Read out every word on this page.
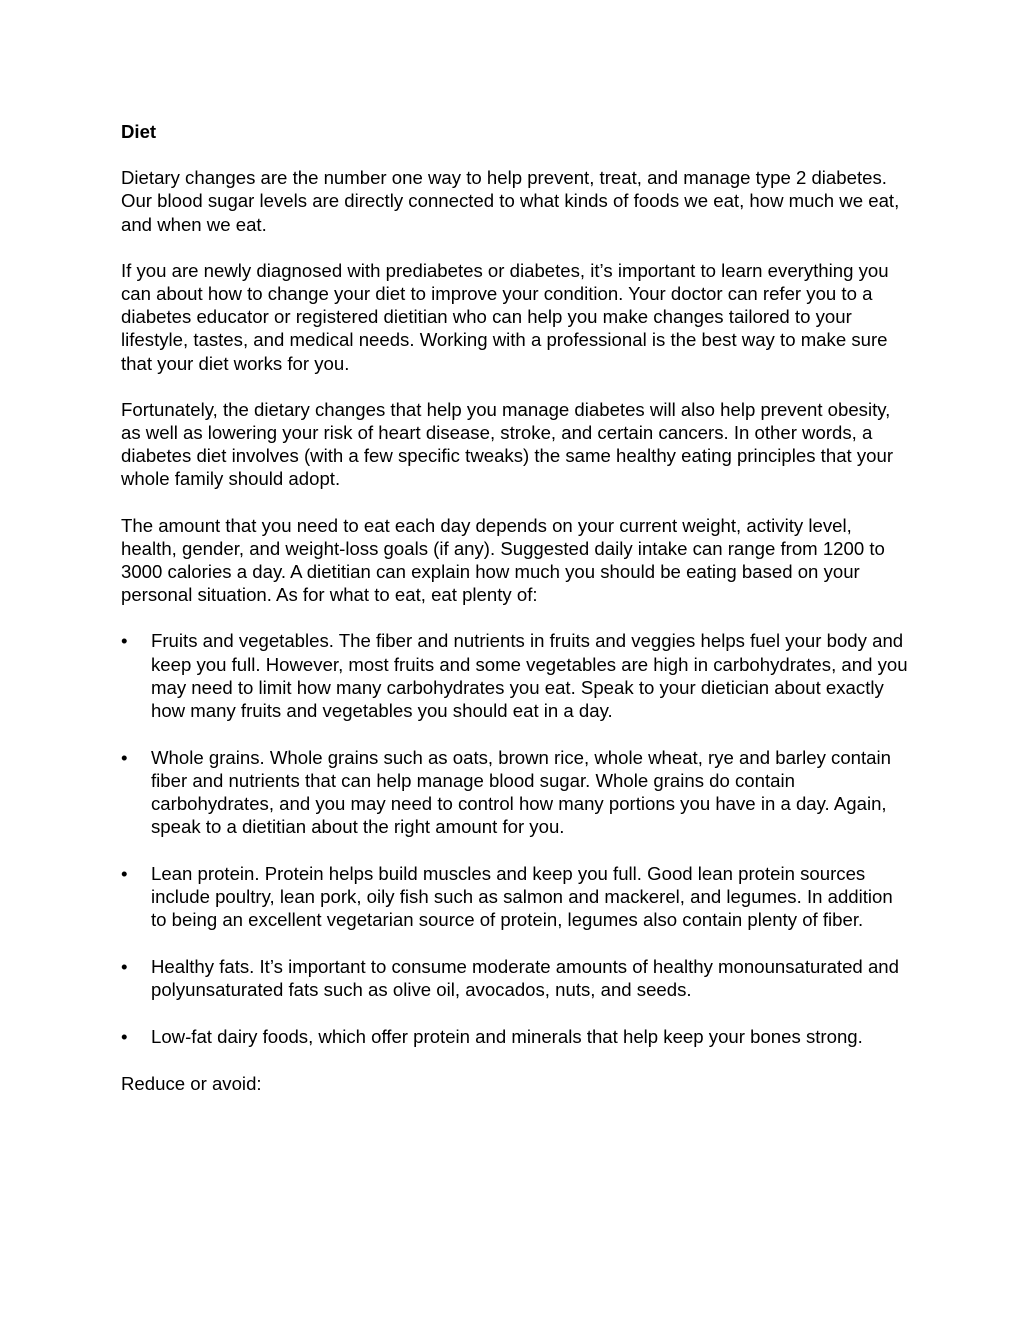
Diet

Dietary changes are the number one way to help prevent, treat, and manage type 2 diabetes. Our blood sugar levels are directly connected to what kinds of foods we eat, how much we eat, and when we eat.

If you are newly diagnosed with prediabetes or diabetes, it’s important to learn everything you can about how to change your diet to improve your condition. Your doctor can refer you to a diabetes educator or registered dietitian who can help you make changes tailored to your lifestyle, tastes, and medical needs. Working with a professional is the best way to make sure that your diet works for you.

Fortunately, the dietary changes that help you manage diabetes will also help prevent obesity, as well as lowering your risk of heart disease, stroke, and certain cancers. In other words, a diabetes diet involves (with a few specific tweaks) the same healthy eating principles that your whole family should adopt.

The amount that you need to eat each day depends on your current weight, activity level, health, gender, and weight-loss goals (if any). Suggested daily intake can range from 1200 to 3000 calories a day. A dietitian can explain how much you should be eating based on your personal situation. As for what to eat, eat plenty of:

•	Fruits and vegetables. The fiber and nutrients in fruits and veggies helps fuel your body and keep you full. However, most fruits and some vegetables are high in carbohydrates, and you may need to limit how many carbohydrates you eat. Speak to your dietician about exactly how many fruits and vegetables you should eat in a day.
•	Whole grains. Whole grains such as oats, brown rice, whole wheat, rye and barley contain fiber and nutrients that can help manage blood sugar. Whole grains do contain carbohydrates, and you may need to control how many portions you have in a day. Again, speak to a dietitian about the right amount for you.
•	Lean protein. Protein helps build muscles and keep you full. Good lean protein sources include poultry, lean pork, oily fish such as salmon and mackerel, and legumes. In addition to being an excellent vegetarian source of protein, legumes also contain plenty of fiber.
•	Healthy fats. It’s important to consume moderate amounts of healthy monounsaturated and polyunsaturated fats such as olive oil, avocados, nuts, and seeds.
•	Low-fat dairy foods, which offer protein and minerals that help keep your bones strong.

Reduce or avoid:
